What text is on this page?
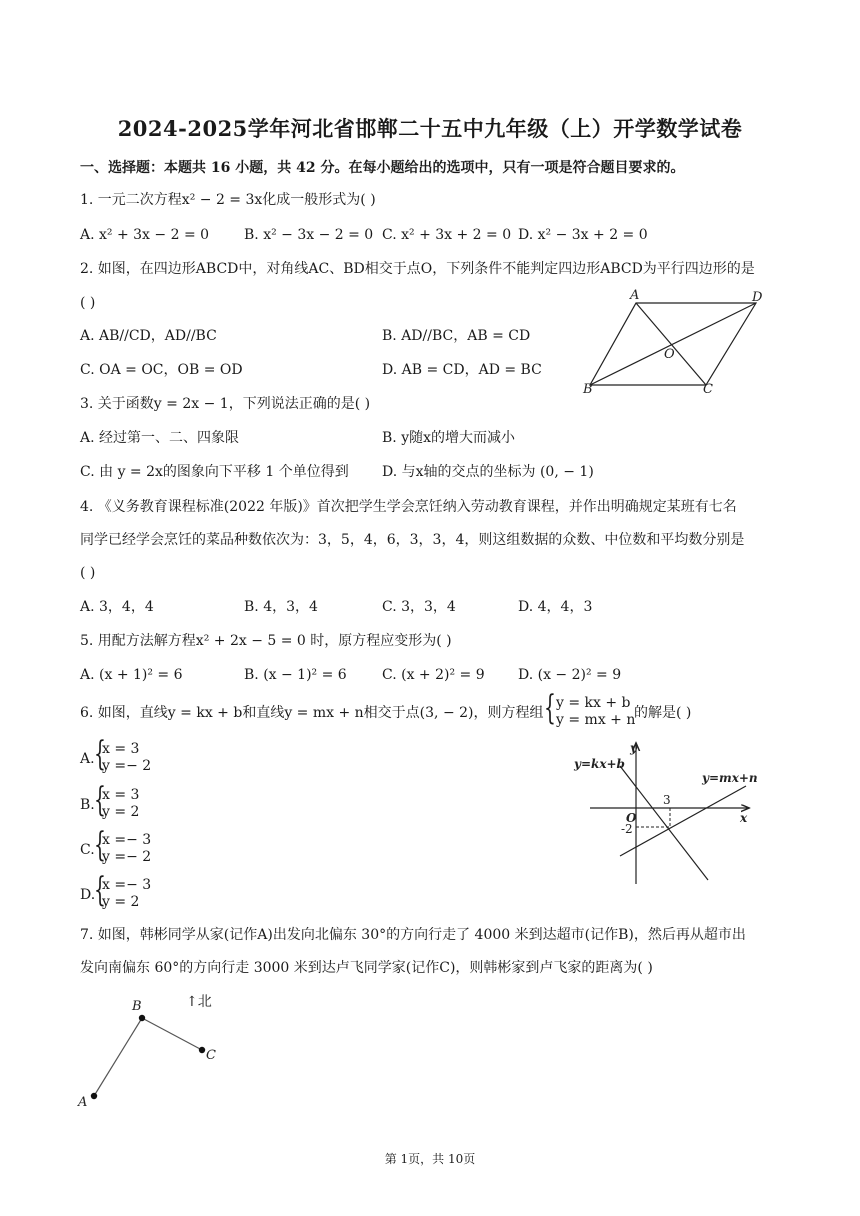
2024-2025学年河北省邯郸二十五中九年级（上）开学数学试卷
一、选择题：本题共 16 小题，共 42 分。在每小题给出的选项中，只有一项是符合题目要求的。
1. 一元二次方程x² − 2 = 3x化成一般形式为( )
A. x² + 3x − 2 = 0 B. x² − 3x − 2 = 0 C. x² + 3x + 2 = 0 D. x² − 3x + 2 = 0
2. 如图，在四边形ABCD中，对角线AC、BD相交于点O，下列条件不能判定四边形ABCD为平行四边形的是
( )
A. AB//CD，AD//BC	B. AD//BC，AB = CD
C. OA = OC，OB = OD	D. AB = CD，AD = BC
A	D
O
B	C
3. 关于函数y = 2x − 1，下列说法正确的是( )
A. 经过第一、二、四象限	B. y随x的增大而减小
C. 由 y = 2x的图象向下平移 1 个单位得到 D. 与x轴的交点的坐标为 (0, − 1)
4. 《义务教育课程标准(2022 年版)》首次把学生学会烹饪纳入劳动教育课程，并作出明确规定某班有七名
同学已经学会烹饪的菜品种数依次为：3，5，4，6，3，3，4，则这组数据的众数、中位数和平均数分别是
( )
A. 3，4，4	B. 4，3，4	C. 3，3，4	D. 4，4，3
5. 用配方法解方程x² + 2x − 5 = 0 时，原方程应变形为( )
A. (x + 1)² = 6	B. (x − 1)² = 6	C. (x + 2)² = 9 D. (x − 2)² = 9
6. 如图，直线y = kx + b和直线y = mx + n相交于点(3, − 2)，则方程组 { y = kx + b
y = mx + n
的解是( )
A. {
x = 3
y =− 2
B. {
x = 3
y = 2
C. {
x =− 3
y =− 2
D.
{
x =− 3
y = 2
y=kx+b
y=mx+n
y
x
O
3
-2
7. 如图，韩彬同学从家(记作A)出发向北偏东 30°的方向行走了 4000 米到达超市(记作B)，然后再从超市出
发向南偏东 60°的方向行走 3000 米到达卢飞同学家(记作C)，则韩彬家到卢飞家的距离为( )
A
B
C
↑北
第 1页，共 10页
